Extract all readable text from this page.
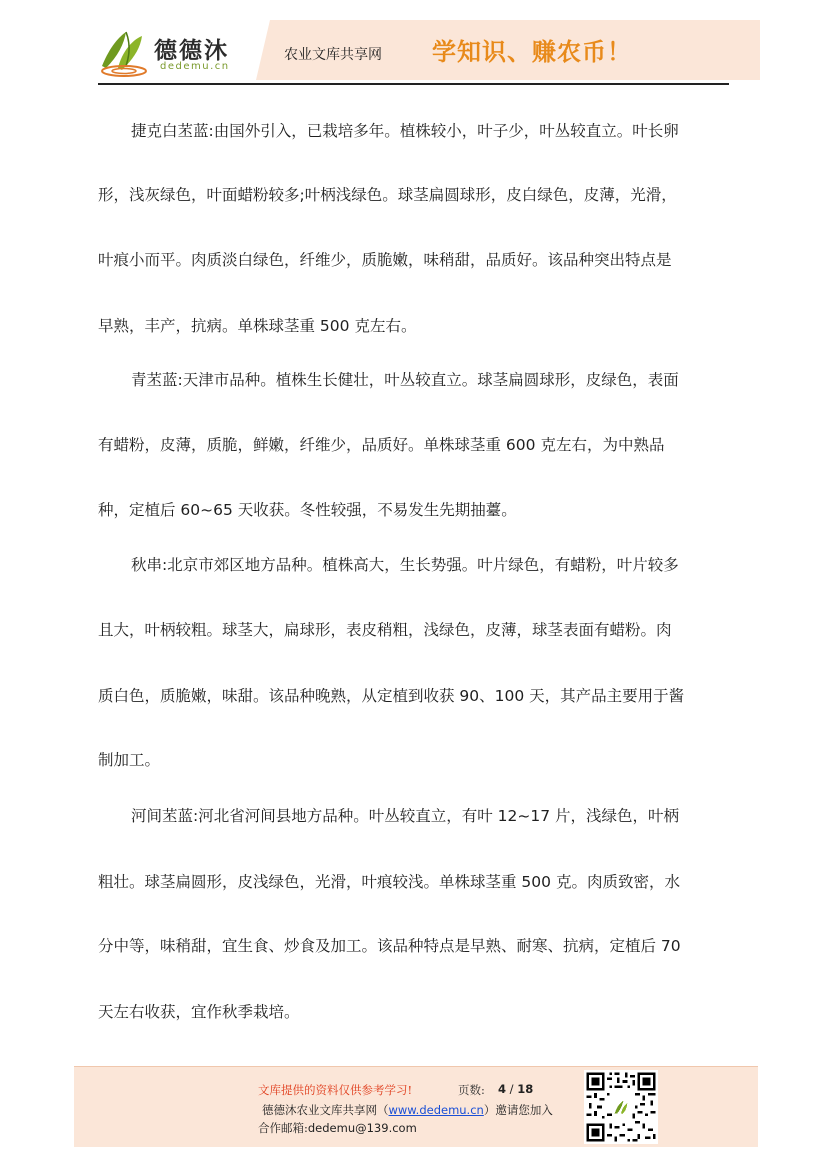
德德沐
dedemu.cn
农业文库共享网 学知识、赚农币！
捷克白苤蓝:由国外引入，已栽培多年。植株较小，叶子少，叶丛较直立。叶长卵
形，浅灰绿色，叶面蜡粉较多;叶柄浅绿色。球茎扁圆球形，皮白绿色，皮薄，光滑，
叶痕小而平。肉质淡白绿色，纤维少，质脆嫩，味稍甜，品质好。该品种突出特点是
早熟，丰产，抗病。单株球茎重 500 克左右。
青苤蓝:天津市品种。植株生长健壮，叶丛较直立。球茎扁圆球形，皮绿色，表面
有蜡粉，皮薄，质脆，鲜嫩，纤维少，品质好。单株球茎重 600 克左右，为中熟品
种，定植后 60~65 天收获。冬性较强，不易发生先期抽薹。
秋串:北京市郊区地方品种。植株高大，生长势强。叶片绿色，有蜡粉，叶片较多
且大，叶柄较粗。球茎大，扁球形，表皮稍粗，浅绿色，皮薄，球茎表面有蜡粉。肉
质白色，质脆嫩，味甜。该品种晚熟，从定植到收获 90、100 天，其产品主要用于酱
制加工。
河间苤蓝:河北省河间县地方品种。叶丛较直立，有叶 12~17 片，浅绿色，叶柄
粗壮。球茎扁圆形，皮浅绿色，光滑，叶痕较浅。单株球茎重 500 克。肉质致密，水
分中等，味稍甜，宜生食、炒食及加工。该品种特点是早熟、耐寒、抗病，定植后 70
天左右收获，宜作秋季栽培。
文库提供的资料仅供参考学习!	页数: 4 / 18
德德沐农业文库共享网（www.dedemu.cn）邀请您加入
合作邮箱:dedemu@139.com
